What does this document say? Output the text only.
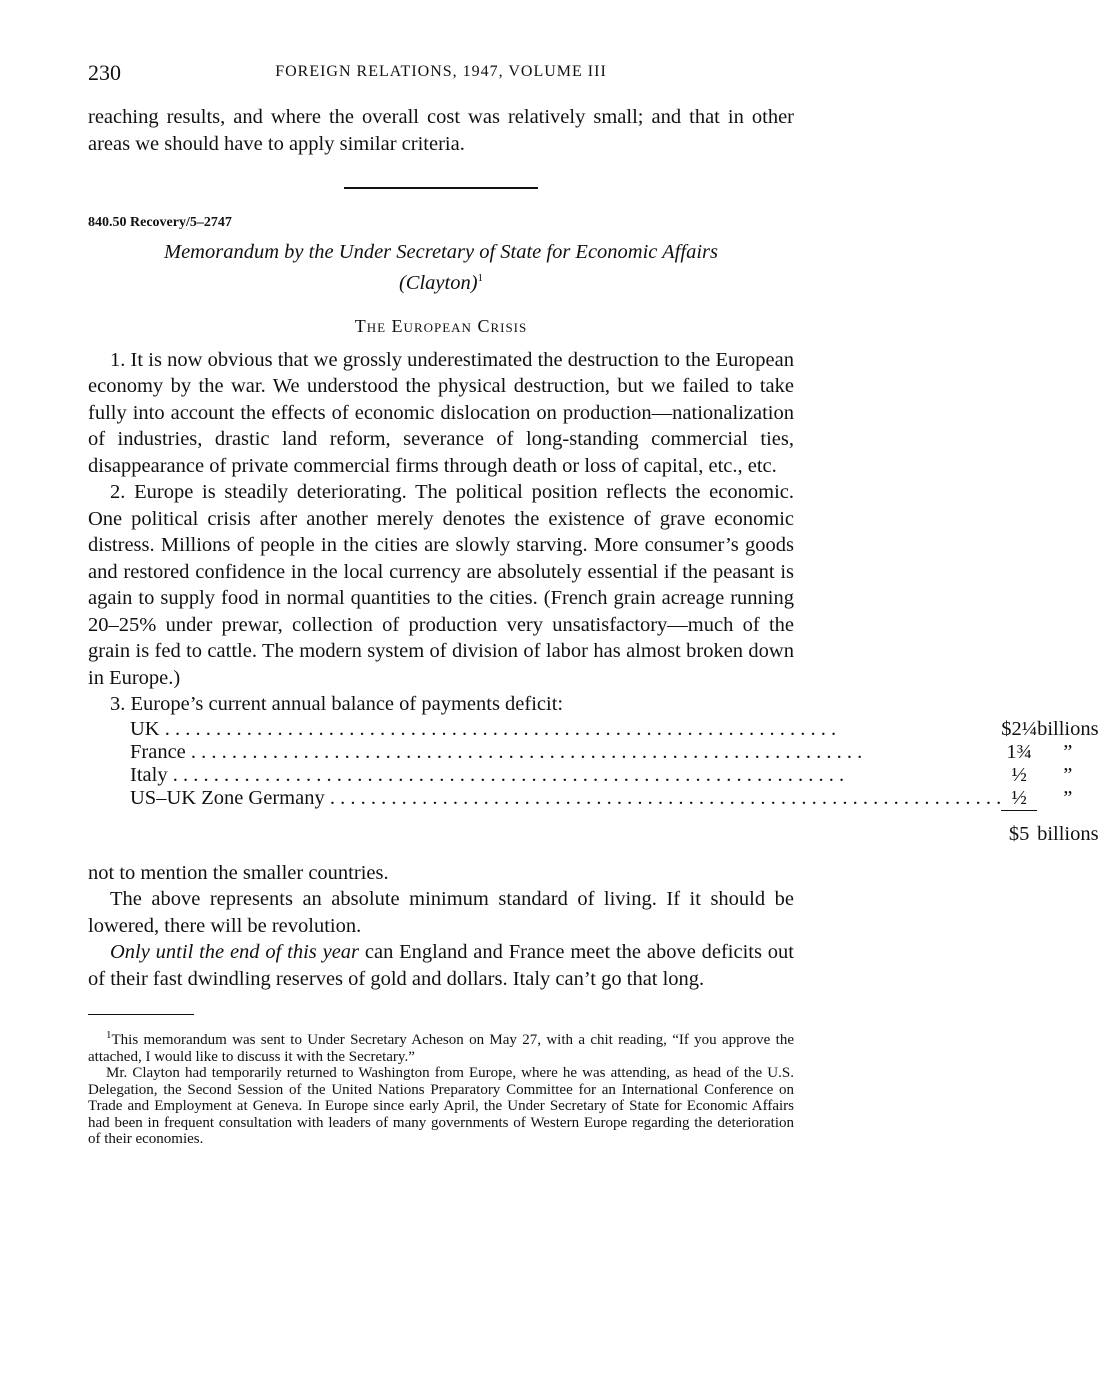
230	FOREIGN RELATIONS, 1947, VOLUME III

reaching results, and where the overall cost was relatively small; and that in other areas we should have to apply similar criteria.

840.50 Recovery/5–2747
Memorandum by the Under Secretary of State for Economic Affairs
(Clayton)$^1$
The European Crisis

1. It is now obvious that we grossly underestimated the destruction to the European economy by the war. We understood the physical destruction, but we failed to take fully into account the effects of economic dislocation on production—nationalization of industries, drastic land reform, severance of long-standing commercial ties, disappearance of private commercial firms through death or loss of capital, etc., etc.

2. Europe is steadily deteriorating. The political position reflects the economic. One political crisis after another merely denotes the existence of grave economic distress. Millions of people in the cities are slowly starving. More consumer’s goods and restored confidence in the local currency are absolutely essential if the peasant is again to supply food in normal quantities to the cities. (French grain acreage running 20–25% under prewar, collection of production very unsatisfactory—much of the grain is fed to cattle. The modern system of division of labor has almost broken down in Europe.)

3. Europe’s current annual balance of payments deficit:

UK . . .	$2¼	billions
France . . .	1¾	”
Italy . . .	½	”
US–UK Zone Germany . . .	½	”
	$5	billions

not to mention the smaller countries.

The above represents an absolute minimum standard of living. If it should be lowered, there will be revolution.

Only until the end of this year can England and France meet the above deficits out of their fast dwindling reserves of gold and dollars. Italy can’t go that long.

$^1$This memorandum was sent to Under Secretary Acheson on May 27, with a chit reading, “If you approve the attached, I would like to discuss it with the Secretary.”

Mr. Clayton had temporarily returned to Washington from Europe, where he was attending, as head of the U.S. Delegation, the Second Session of the United Nations Preparatory Committee for an International Conference on Trade and Employment at Geneva. In Europe since early April, the Under Secretary of State for Economic Affairs had been in frequent consultation with leaders of many governments of Western Europe regarding the deterioration of their economies.
